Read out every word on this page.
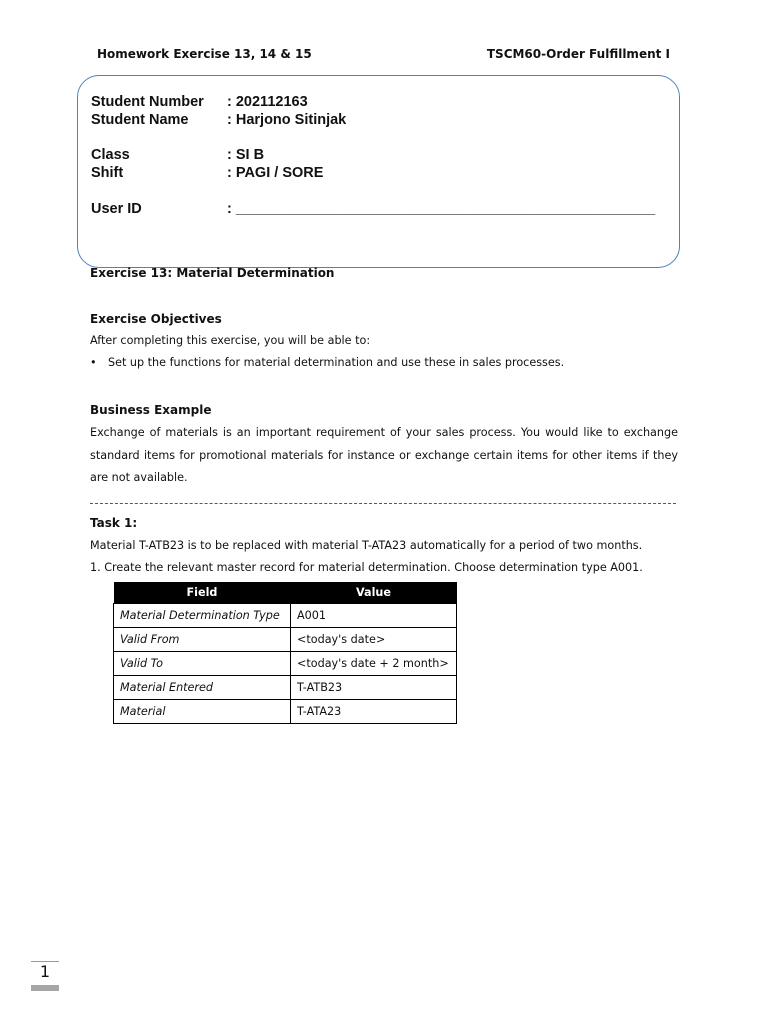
Homework Exercise 13, 14 & 15	TSCM60-Order Fulfillment I
Student Number : 202112163
Student Name	: Harjono Sitinjak
Class	: SI B
Shift	: PAGI / SORE
User ID	: ____________________________________________________
Exercise 13: Material Determination
Exercise Objectives
After completing this exercise, you will be able to:
• Set up the functions for material determination and use these in sales processes.
Business Example
Exchange of materials is an important requirement of your sales process. You would like to exchange standard items for promotional materials for instance or exchange certain items for other items if they are not available.
Task 1:
Material T-ATB23 is to be replaced with material T-ATA23 automatically for a period of two months.
1. Create the relevant master record for material determination. Choose determination type A001.
Field	Value
Material Determination Type	A001
Valid From	<today's date>
Valid To	<today's date + 2 month>
Material Entered	T-ATB23
Material	T-ATA23
1
